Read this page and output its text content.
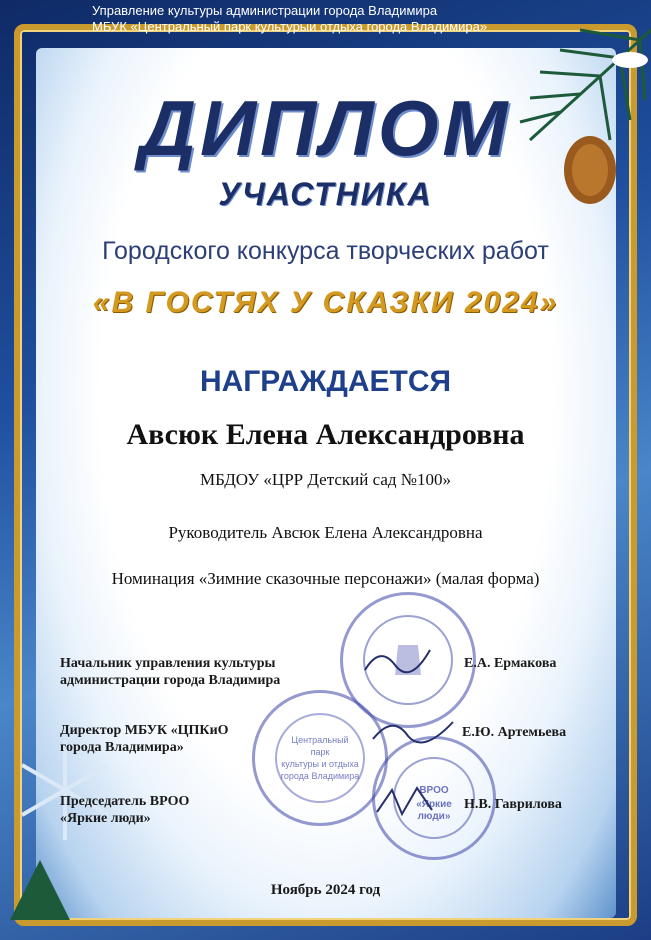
Управление культуры администрации города Владимира
МБУК «Центральный парк культурыи отдыха города Владимира»
ДИПЛОМ
УЧАСТНИКА
Городского конкурса творческих работ
«В ГОСТЯХ У СКАЗКИ 2024»
НАГРАЖДАЕТСЯ
Авсюк Елена Александровна
МБДОУ «ЦРР Детский сад №100»
Руководитель Авсюк Елена Александровна
Номинация «Зимние сказочные персонажи» (малая форма)
Центральный
парк
культуры и отдыха
города Владимира
ВРОО
«Яркие
люди»
Начальник управления культуры администрации города Владимира
Е.А. Ермакова
Директор МБУК «ЦПКиО города Владимира»
Е.Ю. Артемьева
Председатель ВРОО «Яркие люди»
Н.В. Гаврилова
Ноябрь 2024 год
